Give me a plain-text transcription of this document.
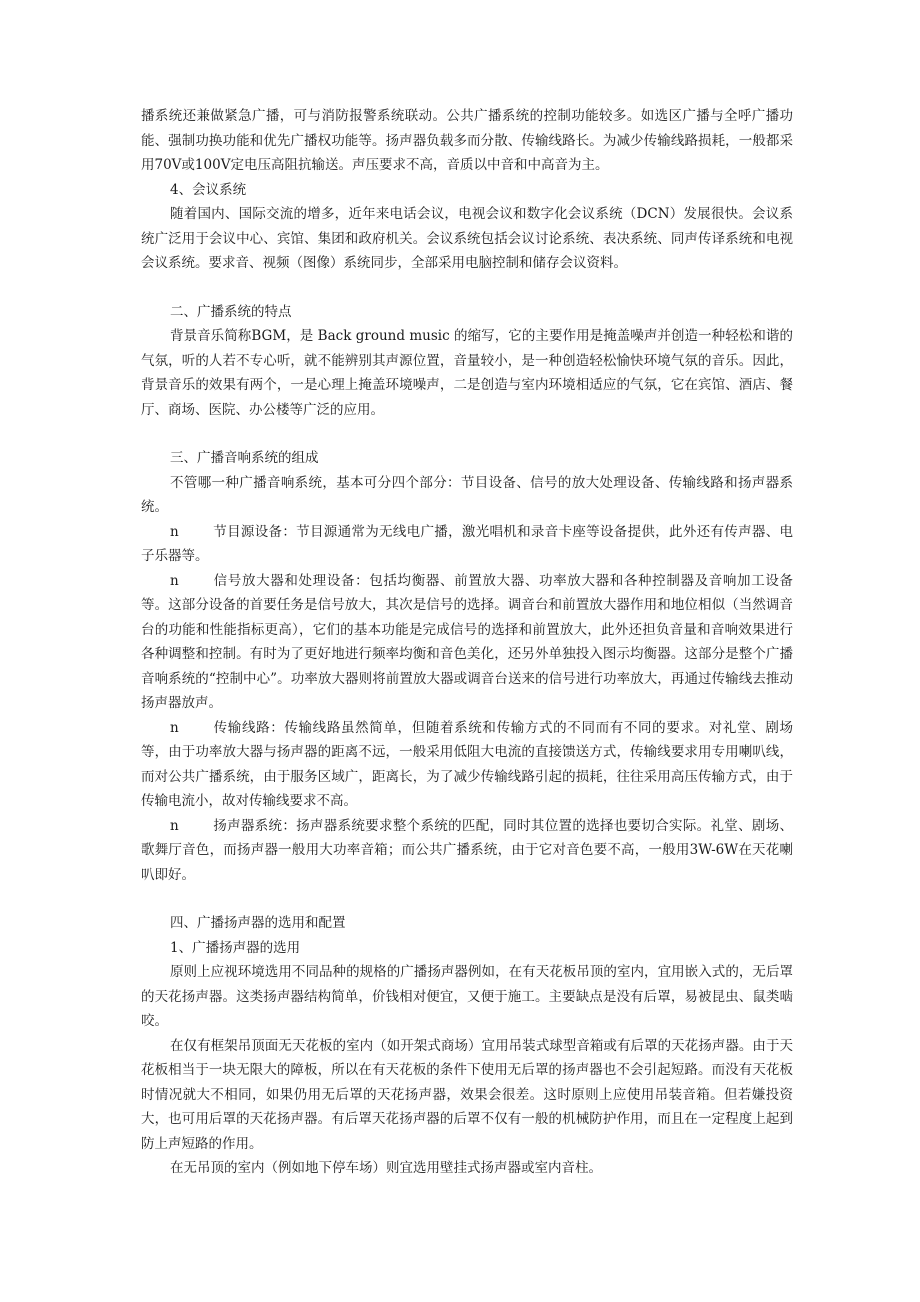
播系统还兼做紧急广播，可与消防报警系统联动。公共广播系统的控制功能较多。如选区广播与全呼广播功能、强制功换功能和优先广播权功能等。扬声器负载多而分散、传输线路长。为减少传输线路损耗，一般都采用70V或100V定电压高阻抗输送。声压要求不高，音质以中音和中高音为主。

4、会议系统

随着国内、国际交流的增多，近年来电话会议，电视会议和数字化会议系统（DCN）发展很快。会议系统广泛用于会议中心、宾馆、集团和政府机关。会议系统包括会议讨论系统、表决系统、同声传译系统和电视会议系统。要求音、视频（图像）系统同步，全部采用电脑控制和储存会议资料。

二、广播系统的特点

背景音乐简称BGM，是 Back ground music 的缩写，它的主要作用是掩盖噪声并创造一种轻松和谐的气氛，听的人若不专心听，就不能辨别其声源位置，音量较小，是一种创造轻松愉快环境气氛的音乐。因此，背景音乐的效果有两个，一是心理上掩盖环境噪声，二是创造与室内环境相适应的气氛，它在宾馆、酒店、餐厅、商场、医院、办公楼等广泛的应用。

三、广播音响系统的组成

不管哪一种广播音响系统，基本可分四个部分：节目设备、信号的放大处理设备、传输线路和扬声器系统。

n	节目源设备：节目源通常为无线电广播，激光唱机和录音卡座等设备提供，此外还有传声器、电子乐器等。

n	信号放大器和处理设备：包括均衡器、前置放大器、功率放大器和各种控制器及音响加工设备等。这部分设备的首要任务是信号放大，其次是信号的选择。调音台和前置放大器作用和地位相似（当然调音台的功能和性能指标更高），它们的基本功能是完成信号的选择和前置放大，此外还担负音量和音响效果进行各种调整和控制。有时为了更好地进行频率均衡和音色美化，还另外单独投入图示均衡器。这部分是整个广播音响系统的“控制中心”。功率放大器则将前置放大器或调音台送来的信号进行功率放大，再通过传输线去推动扬声器放声。

n	传输线路：传输线路虽然简单，但随着系统和传输方式的不同而有不同的要求。对礼堂、剧场等，由于功率放大器与扬声器的距离不远，一般采用低阻大电流的直接馈送方式，传输线要求用专用喇叭线，而对公共广播系统，由于服务区域广，距离长，为了减少传输线路引起的损耗，往往采用高压传输方式，由于传输电流小，故对传输线要求不高。

n	扬声器系统：扬声器系统要求整个系统的匹配，同时其位置的选择也要切合实际。礼堂、剧场、歌舞厅音色，而扬声器一般用大功率音箱；而公共广播系统，由于它对音色要不高，一般用3W-6W在天花喇叭即好。

四、广播扬声器的选用和配置

1、广播扬声器的选用

原则上应视环境选用不同品种的规格的广播扬声器例如，在有天花板吊顶的室内，宜用嵌入式的，无后罩的天花扬声器。这类扬声器结构简单，价钱相对便宜，又便于施工。主要缺点是没有后罩，易被昆虫、鼠类啮咬。

在仅有框架吊顶面无天花板的室内（如开架式商场）宜用吊装式球型音箱或有后罩的天花扬声器。由于天花板相当于一块无限大的障板，所以在有天花板的条件下使用无后罩的扬声器也不会引起短路。而没有天花板时情况就大不相同，如果仍用无后罩的天花扬声器，效果会很差。这时原则上应使用吊装音箱。但若嫌投资大，也可用后罩的天花扬声器。有后罩天花扬声器的后罩不仅有一般的机械防护作用，而且在一定程度上起到防上声短路的作用。

在无吊顶的室内（例如地下停车场）则宜选用壁挂式扬声器或室内音柱。
